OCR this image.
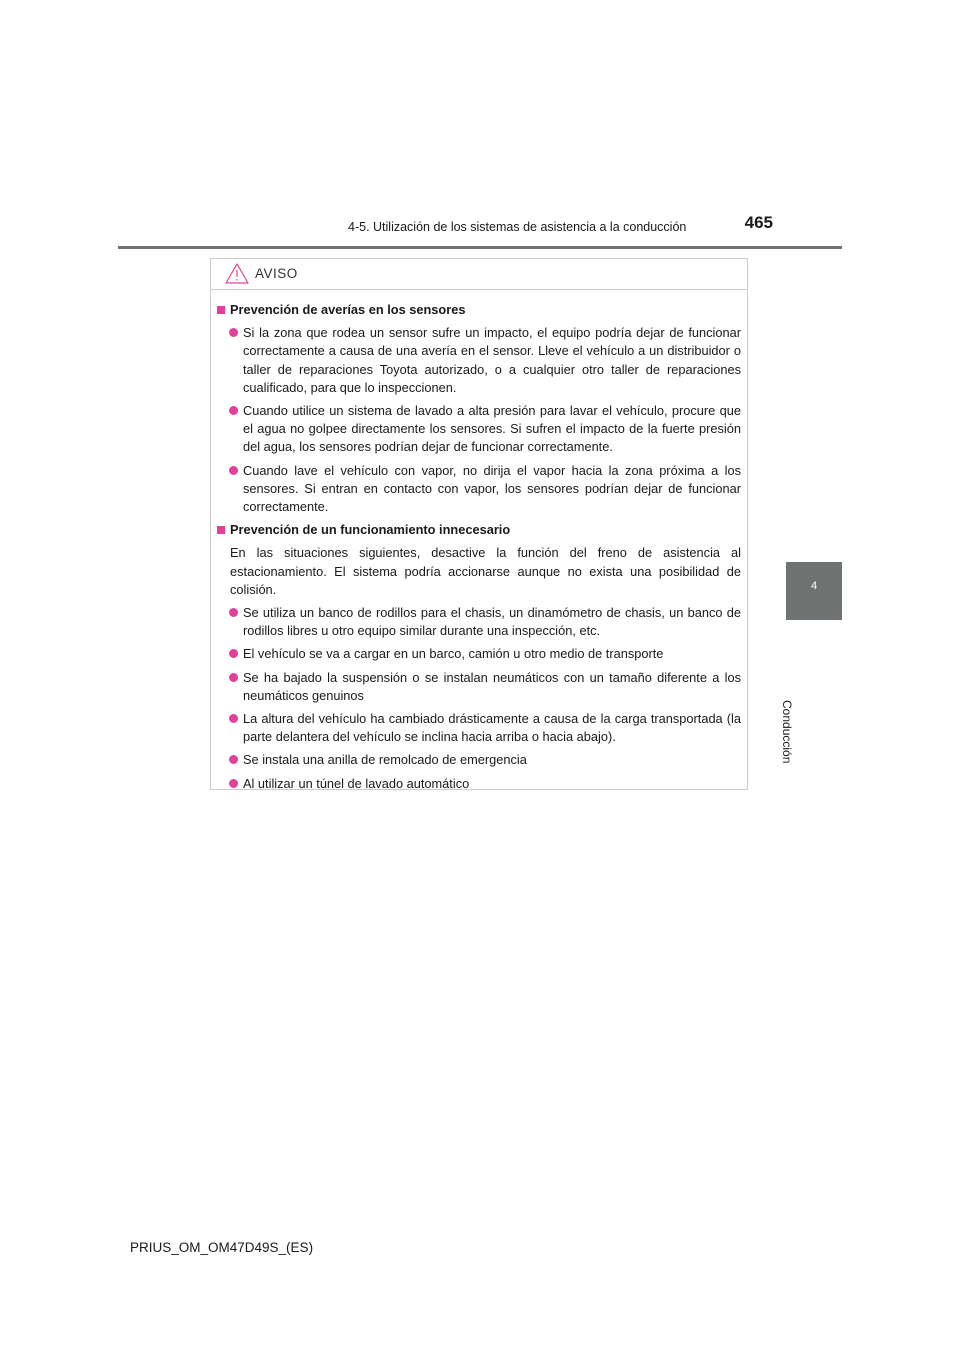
4-5. Utilización de los sistemas de asistencia a la conducción	465
4
Conducción
AVISO
Prevención de averías en los sensores
Si la zona que rodea un sensor sufre un impacto, el equipo podría dejar de funcionar correctamente a causa de una avería en el sensor. Lleve el vehículo a un distribuidor o taller de reparaciones Toyota autorizado, o a cualquier otro taller de reparaciones cualificado, para que lo inspeccionen.
Cuando utilice un sistema de lavado a alta presión para lavar el vehículo, procure que el agua no golpee directamente los sensores. Si sufren el impacto de la fuerte presión del agua, los sensores podrían dejar de funcionar correctamente.
Cuando lave el vehículo con vapor, no dirija el vapor hacia la zona próxima a los sensores. Si entran en contacto con vapor, los sensores podrían dejar de funcionar correctamente.
Prevención de un funcionamiento innecesario
En las situaciones siguientes, desactive la función del freno de asistencia al estacionamiento. El sistema podría accionarse aunque no exista una posibilidad de colisión.
Se utiliza un banco de rodillos para el chasis, un dinamómetro de chasis, un banco de rodillos libres u otro equipo similar durante una inspección, etc.
El vehículo se va a cargar en un barco, camión u otro medio de transporte
Se ha bajado la suspensión o se instalan neumáticos con un tamaño diferente a los neumáticos genuinos
La altura del vehículo ha cambiado drásticamente a causa de la carga transportada (la parte delantera del vehículo se inclina hacia arriba o hacia abajo).
Se instala una anilla de remolcado de emergencia
Al utilizar un túnel de lavado automático
PRIUS_OM_OM47D49S_(ES)
